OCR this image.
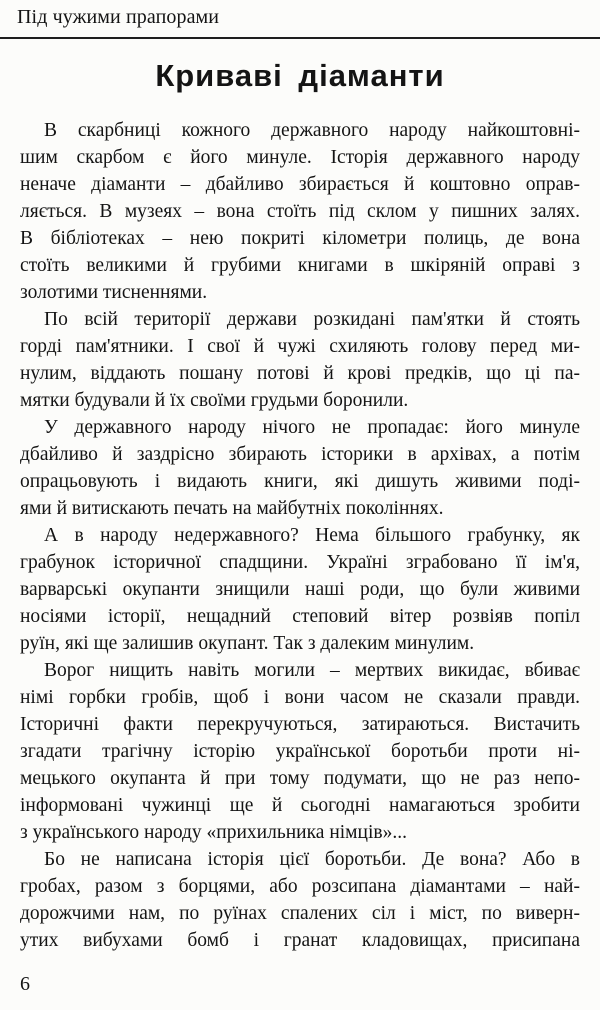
Під чужими прапорами
Криваві діаманти
В скарбниці кожного державного народу найкоштовні-
шим скарбом є його минуле. Історія державного народу
неначе діаманти – дбайливо збирається й коштовно оправ-
ляється. В музеях – вона стоїть під склом у пишних залях.
В бібліотеках – нею покриті кілометри полиць, де вона
стоїть великими й грубими книгами в шкіряній оправі з
золотими тисненнями.
По всій території держави розкидані пам'ятки й стоять
горді пам'ятники. І свої й чужі схиляють голову перед ми-
нулим, віддають пошану потові й крові предків, що ці па-
мятки будували й їх своїми грудьми боронили.
У державного народу нічого не пропадає: його минуле
дбайливо й заздрісно збирають історики в архівах, а потім
опрацьовують і видають книги, які дишуть живими поді-
ями й витискають печать на майбутніх поколіннях.
А в народу недержавного? Нема більшого грабунку, як
грабунок історичної спадщини. Україні зграбовано її ім'я,
варварські окупанти знищили наші роди, що були живими
носіями історії, нещадний степовий вітер розвіяв попіл
руїн, які ще залишив окупант. Так з далеким минулим.
Ворог нищить навіть могили – мертвих викидає, вбиває
німі горбки гробів, щоб і вони часом не сказали правди.
Історичні факти перекручуються, затираються. Вистачить
згадати трагічну історію української боротьби проти ні-
мецького окупанта й при тому подумати, що не раз непо-
інформовані чужинці ще й сьогодні намагаються зробити
з українського народу «прихильника німців»...
Бо не написана історія цієї боротьби. Де вона? Або в
гробах, разом з борцями, або розсипана діамантами – най-
дорожчими нам, по руїнах спалених сіл і міст, по виверн-
утих вибухами бомб і гранат кладовищах, присипана
6
